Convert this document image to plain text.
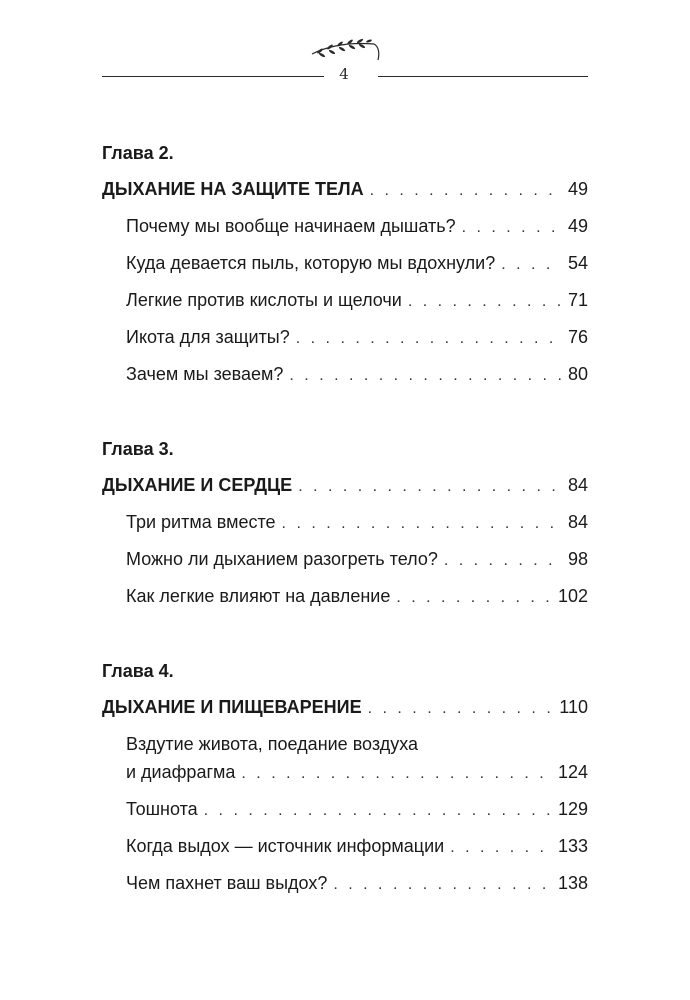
4
Глава 2.
ДЫХАНИЕ НА ЗАЩИТЕ ТЕЛА . . .	49
Почему мы вообще начинаем дышать? . . .	49
Куда девается пыль, которую мы вдохнули? . . .	54
Легкие против кислоты и щелочи . . .	71
Икота для защиты? . . .	76
Зачем мы зеваем? . . .	80
Глава 3.
ДЫХАНИЕ И СЕРДЦЕ . . .	84
Три ритма вместе . . .	84
Можно ли дыханием разогреть тело? . . .	98
Как легкие влияют на давление . . .	102
Глава 4.
ДЫХАНИЕ И ПИЩЕВАРЕНИЕ . . .	110
Вздутие живота, поедание воздуха
и диафрагма . . .	124
Тошнота . . .	129
Когда выдох — источник информации . . .	133
Чем пахнет ваш выдох? . . .	138
